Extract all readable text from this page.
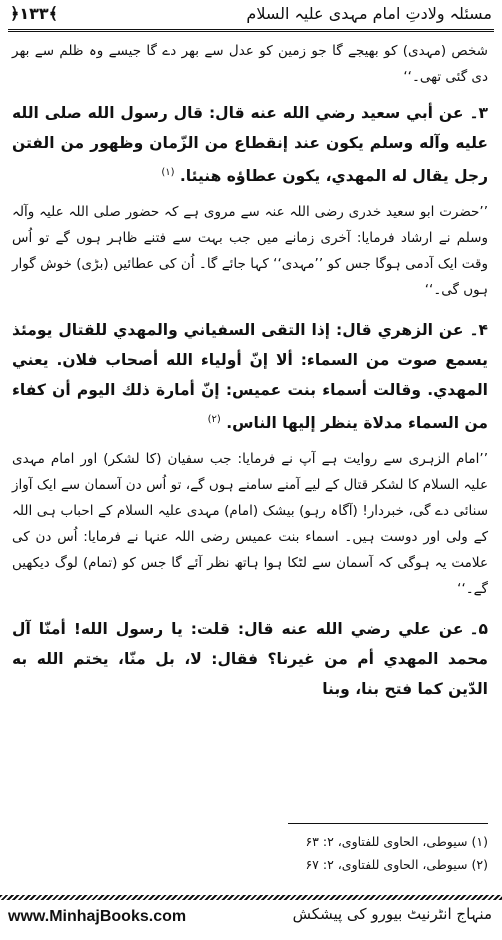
مسئلہ ولادتِ امام مہدی علیہ السلام
﴿۱۳۳﴾

شخص (مہدی) کو بھیجے گا جو زمین کو عدل سے بھر دے گا جیسے وہ ظلم سے بھر دی گئی تھی۔‘‘

۳۔عن أبي سعيد رضي الله عنه قال: قال رسول الله صلى الله عليه وآله وسلم يكون عند إنقطاع من الزّمان وظهور من الفتن رجل يقال له المهدي، يكون عطاؤه هنيئا. $^{(١)}$

’’حضرت ابو سعید خدری رضی اللہ عنہ سے مروی ہے کہ حضور صلی اللہ علیہ وآلہ وسلم نے ارشاد فرمایا: آخری زمانے میں جب بہت سے فتنے ظاہر ہوں گے تو اُس وقت ایک آدمی ہوگا جس کو ’’مہدی‘‘ کہا جائے گا۔ اُن کی عطائیں (بڑی) خوش گوار ہوں گی۔‘‘

۴۔عن الزهري قال: إذا التقى السفياني والمهدي للقتال يومئذ يسمع صوت من السماء: ألا إنّ أولياء الله أصحاب فلان. يعني المهدي. وقالت أسماء بنت عميس: إنّ أمارة ذلك اليوم أن كفاء من السماء مدلاة ينظر إليها الناس. $^{(٢)}$

’’امام الزہری سے روایت ہے آپ نے فرمایا: جب سفیان (کا لشکر) اور امام مہدی علیہ السلام کا لشکر قتال کے لیے آمنے سامنے ہوں گے، تو اُس دن آسمان سے ایک آواز سنائی دے گی، خبردار! (آگاہ رہو) بیشک (امام) مہدی علیہ السلام کے احباب ہی اللہ کے ولی اور دوست ہیں۔ اسماء بنت عمیس رضی اللہ عنہا نے فرمایا: اُس دن کی علامت یہ ہوگی کہ آسمان سے لٹکا ہوا ہاتھ نظر آئے گا جس کو (تمام) لوگ دیکھیں گے۔‘‘

۵۔عن علي رضي الله عنه قال: قلت: يا رسول الله! أمنّا آل محمد المهدي أم من غيرنا؟ فقال: لا، بل منّا، يختم الله به الدّين كما فتح بنا، وبنا

(١)سیوطی، الحاوی للفتاوی، ۲: ۶۳
(٢)سیوطی، الحاوی للفتاوی، ۲: ۶۷
www.MinhajBooks.com	منہاج انٹرنیٹ بیورو کی پیشکش
